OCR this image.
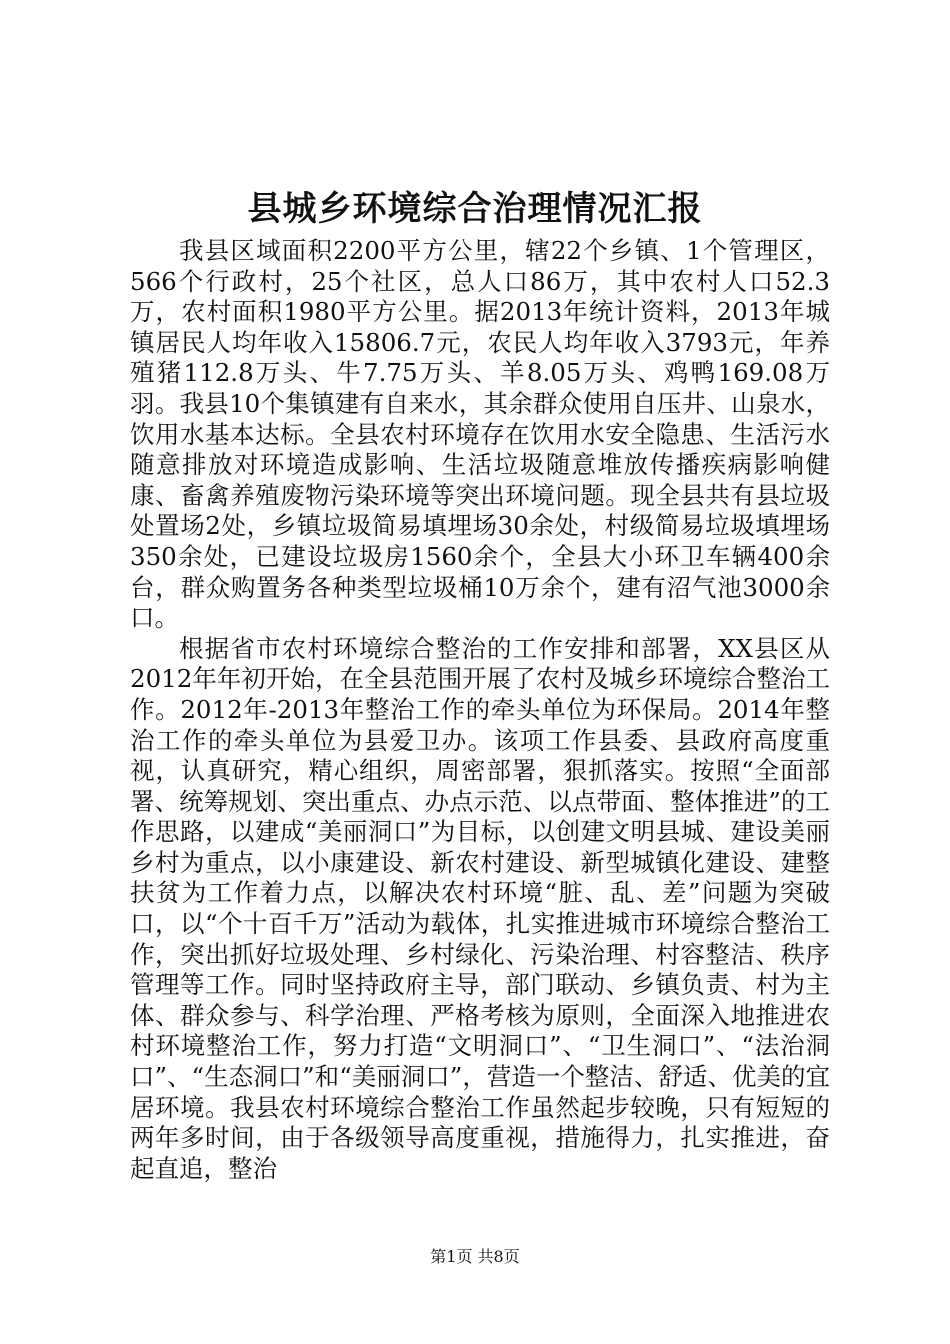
县城乡环境综合治理情况汇报

我县区域面积2200平方公里，辖22个乡镇、1个管理区，566个行政村，25个社区，总人口86万，其中农村人口52.3万，农村面积1980平方公里。据2013年统计资料，2013年城镇居民人均年收入15806.7元，农民人均年收入3793元，年养殖猪112.8万头、牛7.75万头、羊8.05万头、鸡鸭169.08万羽。我县10个集镇建有自来水，其余群众使用自压井、山泉水，饮用水基本达标。全县农村环境存在饮用水安全隐患、生活污水随意排放对环境造成影响、生活垃圾随意堆放传播疾病影响健康、畜禽养殖废物污染环境等突出环境问题。现全县共有县垃圾处置场2处，乡镇垃圾简易填埋场30余处，村级简易垃圾填埋场350余处，已建设垃圾房1560余个，全县大小环卫车辆400余台，群众购置务各种类型垃圾桶10万余个，建有沼气池3000余口。

根据省市农村环境综合整治的工作安排和部署，XX县区从2012年年初开始，在全县范围开展了农村及城乡环境综合整治工作。2012年-2013年整治工作的牵头单位为环保局。2014年整治工作的牵头单位为县爱卫办。该项工作县委、县政府高度重视，认真研究，精心组织，周密部署，狠抓落实。按照“全面部署、统筹规划、突出重点、办点示范、以点带面、整体推进”的工作思路，以建成“美丽洞口”为目标，以创建文明县城、建设美丽乡村为重点，以小康建设、新农村建设、新型城镇化建设、建整扶贫为工作着力点，以解决农村环境“脏、乱、差”问题为突破口，以“个十百千万”活动为载体，扎实推进城市环境综合整治工作，突出抓好垃圾处理、乡村绿化、污染治理、村容整洁、秩序管理等工作。同时坚持政府主导，部门联动、乡镇负责、村为主体、群众参与、科学治理、严格考核为原则，全面深入地推进农村环境整治工作，努力打造“文明洞口”、“卫生洞口”、“法治洞口”、“生态洞口”和“美丽洞口”，营造一个整洁、舒适、优美的宜居环境。我县农村环境综合整治工作虽然起步较晚，只有短短的两年多时间，由于各级领导高度重视，措施得力，扎实推进，奋起直追，整治

第1页 共8页
